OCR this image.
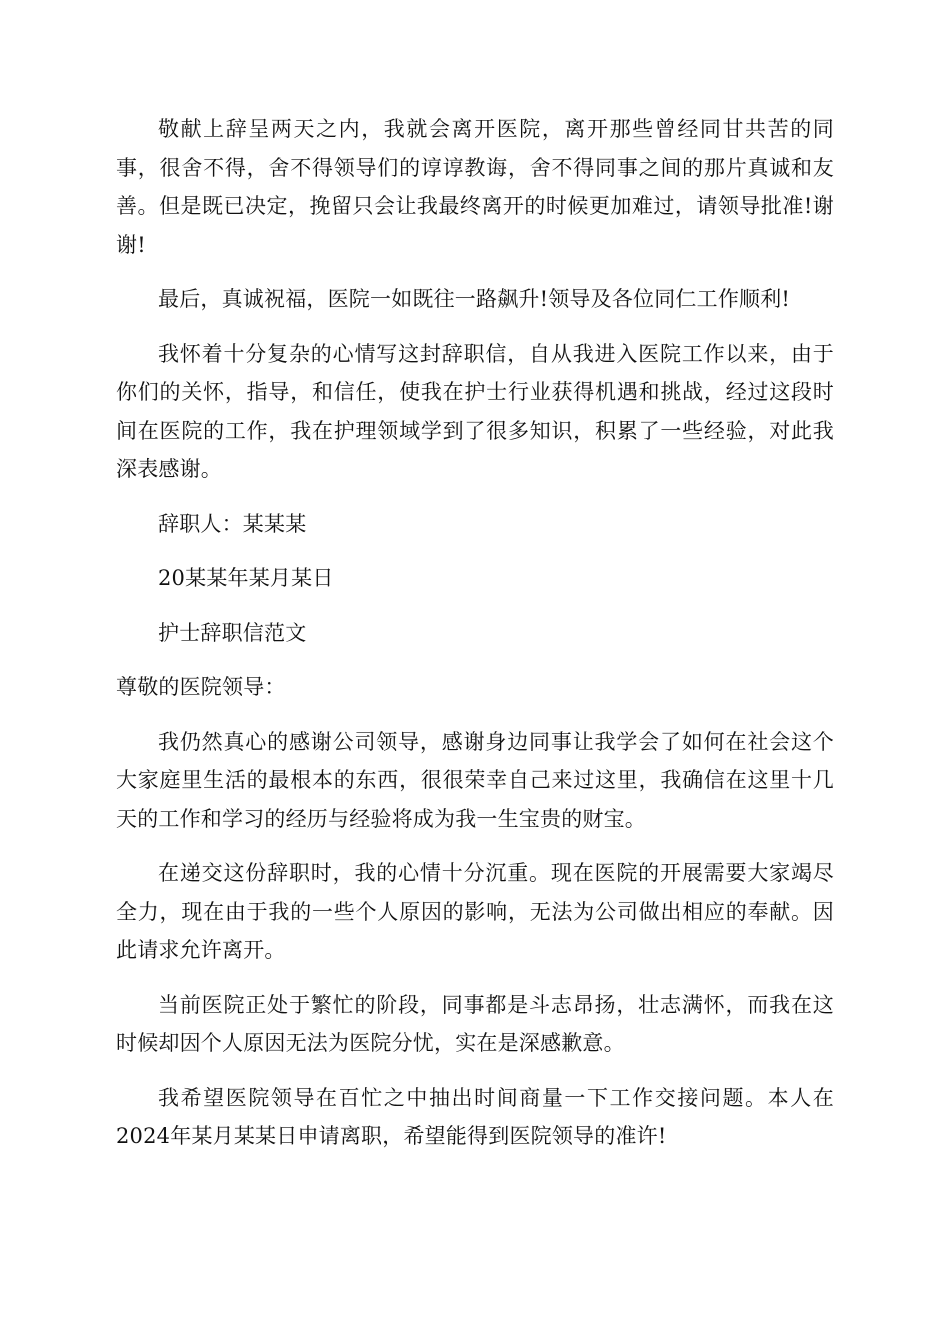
敬献上辞呈两天之内，我就会离开医院，离开那些曾经同甘共苦的同事，很舍不得，舍不得领导们的谆谆教诲，舍不得同事之间的那片真诚和友善。但是既已决定，挽留只会让我最终离开的时候更加难过，请领导批准!谢谢!

最后，真诚祝福，医院一如既往一路飙升!领导及各位同仁工作顺利!

我怀着十分复杂的心情写这封辞职信，自从我进入医院工作以来，由于你们的关怀，指导，和信任，使我在护士行业获得机遇和挑战，经过这段时间在医院的工作，我在护理领域学到了很多知识，积累了一些经验，对此我深表感谢。

辞职人：某某某

20某某年某月某日

护士辞职信范文

尊敬的医院领导：

我仍然真心的感谢公司领导，感谢身边同事让我学会了如何在社会这个大家庭里生活的最根本的东西，很很荣幸自己来过这里，我确信在这里十几天的工作和学习的经历与经验将成为我一生宝贵的财宝。

在递交这份辞职时，我的心情十分沉重。现在医院的开展需要大家竭尽全力，现在由于我的一些个人原因的影响，无法为公司做出相应的奉献。因此请求允许离开。

当前医院正处于繁忙的阶段，同事都是斗志昂扬，壮志满怀，而我在这时候却因个人原因无法为医院分忧，实在是深感歉意。

我希望医院领导在百忙之中抽出时间商量一下工作交接问题。本人在2024年某月某某日申请离职，希望能得到医院领导的准许!
